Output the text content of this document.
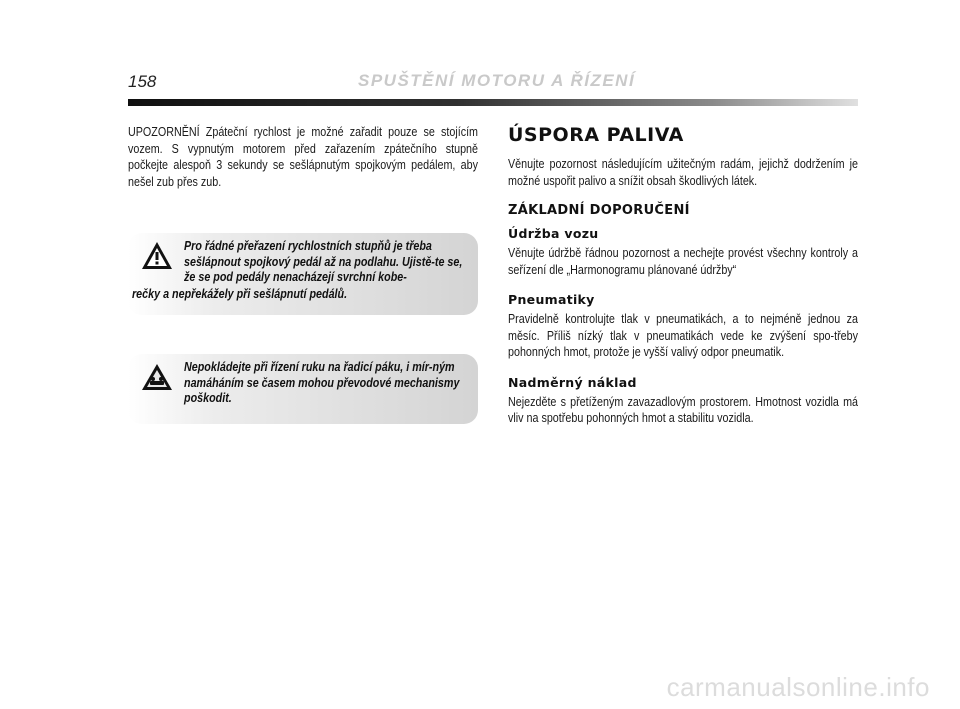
158	SPUŠTĚNÍ MOTORU A ŘÍZENÍ

UPOZORNĚNÍ Zpáteční rychlost je možné zařadit pouze se stojícím vozem. S vypnutým motorem před zařazením zpátečního stupně počkejte alespoň 3 sekundy se sešlápnutým spojkovým pedálem, aby nešel zub přes zub.

Pro řádné přeřazení rychlostních stupňů je třeba sešlápnout spojkový pedál až na podlahu. Ujistě-te se, že se pod pedály nenacházejí svrchní kobe-
rečky a nepřekážely při sešlápnutí pedálů.
Nepokládejte při řízení ruku na řadicí páku, i mír-ným namáháním se časem mohou převodové mechanismy poškodit.
ÚSPORA PALIVA

Věnujte pozornost následujícím užitečným radám, jejichž dodržením je možné uspořit palivo a snížit obsah škodlivých látek.

ZÁKLADNÍ DOPORUČENÍ
Údržba vozu

Věnujte údržbě řádnou pozornost a nechejte provést všechny kontroly a seřízení dle „Harmonogramu plánované údržby“

Pneumatiky

Pravidelně kontrolujte tlak v pneumatikách, a to nejméně jednou za měsíc. Příliš nízký tlak v pneumatikách vede ke zvýšení spo-třeby pohonných hmot, protože je vyšší valivý odpor pneumatik.

Nadměrný náklad

Nejezděte s přetíženým zavazadlovým prostorem. Hmotnost vozidla má vliv na spotřebu pohonných hmot a stabilitu vozidla.

carmanualsonline.info
